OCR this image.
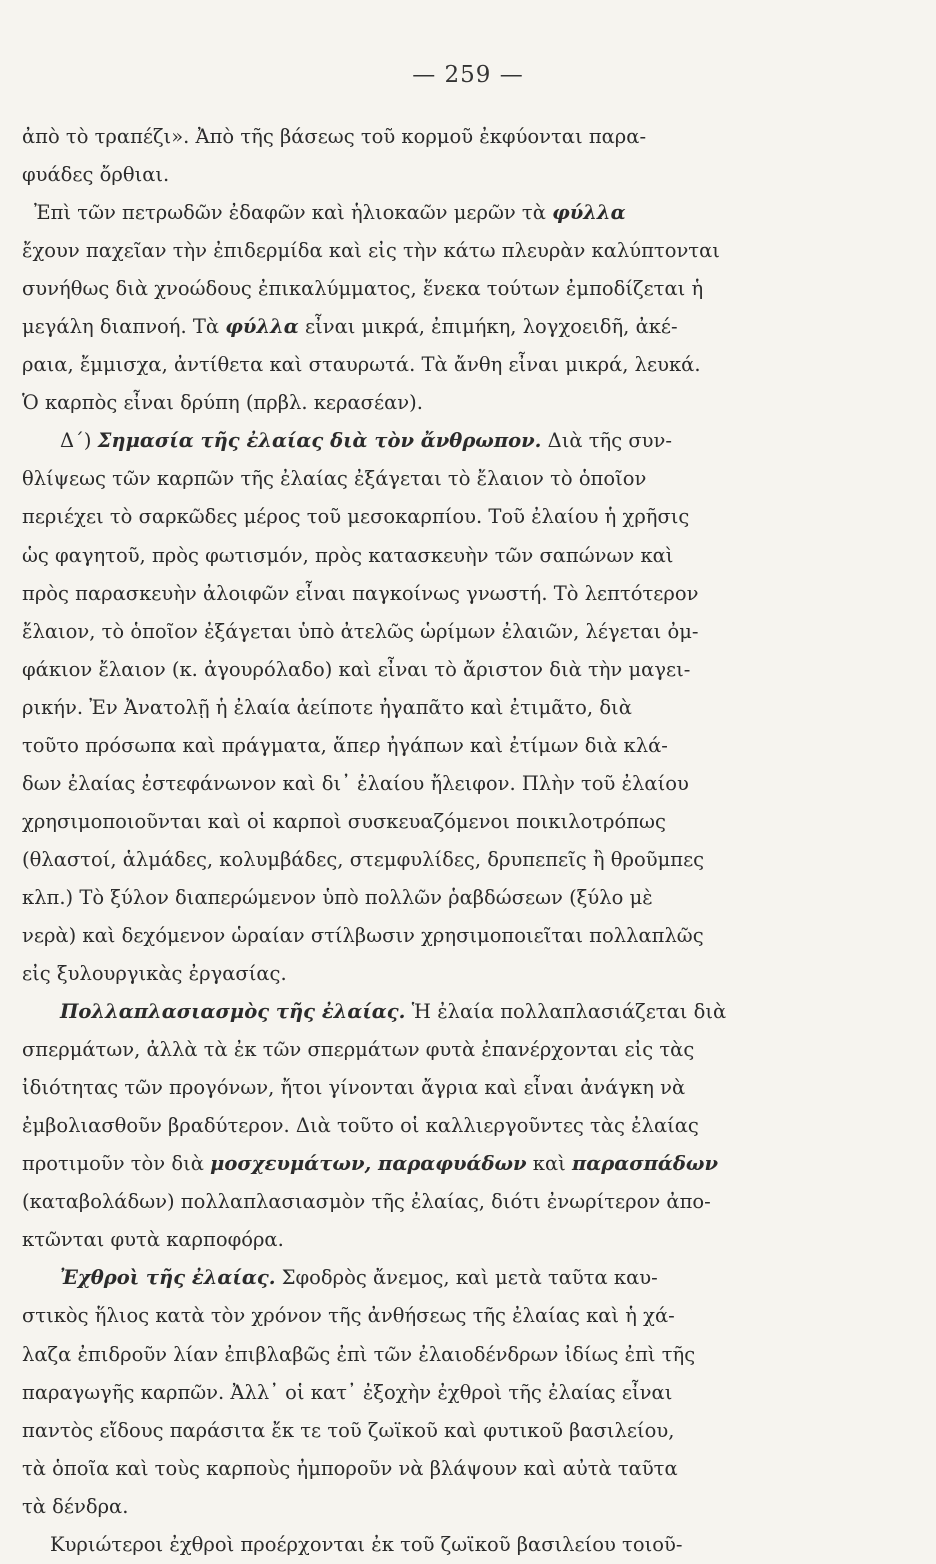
— 259 —
ἀπὸ τὸ τραπέζι». Ἀπὸ τῆς βάσεως τοῦ κορμοῦ ἐκφύονται παρα-
φυάδες ὄρθιαι.
Ἐπὶ τῶν πετρωδῶν ἐδαφῶν καὶ ἡλιοκαῶν μερῶν τὰ φύλλα
ἔχουν παχεῖαν τὴν ἐπιδερμίδα καὶ εἰς τὴν κάτω πλευρὰν καλύπτονται
συνήθως διὰ χνοώδους ἐπικαλύμματος, ἕνεκα τούτων ἐμποδίζεται ἡ
μεγάλη διαπνοή. Τὰ φύλλα εἶναι μικρά, ἐπιμήκη, λογχοειδῆ, ἀκέ-
ραια, ἔμμισχα, ἀντίθετα καὶ σταυρωτά. Τὰ ἄνθη εἶναι μικρά, λευκά.
Ὁ καρπὸς εἶναι δρύπη (πρβλ. κερασέαν).
Δ´) Σημασία τῆς ἐλαίας διὰ τὸν ἄνθρωπον. Διὰ τῆς συν-
θλίψεως τῶν καρπῶν τῆς ἐλαίας ἐξάγεται τὸ ἔλαιον τὸ ὁποῖον
περιέχει τὸ σαρκῶδες μέρος τοῦ μεσοκαρπίου. Τοῦ ἐλαίου ἡ χρῆσις
ὡς φαγητοῦ, πρὸς φωτισμόν, πρὸς κατασκευὴν τῶν σαπώνων καὶ
πρὸς παρασκευὴν ἀλοιφῶν εἶναι παγκοίνως γνωστή. Τὸ λεπτότερον
ἔλαιον, τὸ ὁποῖον ἐξάγεται ὑπὸ ἀτελῶς ὡρίμων ἐλαιῶν, λέγεται ὀμ-
φάκιον ἔλαιον (κ. ἀγουρόλαδο) καὶ εἶναι τὸ ἄριστον διὰ τὴν μαγει-
ρικήν. Ἐν Ἀνατολῇ ἡ ἐλαία ἀείποτε ἠγαπᾶτο καὶ ἐτιμᾶτο, διὰ
τοῦτο πρόσωπα καὶ πράγματα, ἅπερ ἠγάπων καὶ ἐτίμων διὰ κλά-
δων ἐλαίας ἐστεφάνωνον καὶ δι᾿ ἐλαίου ἤλειφον. Πλὴν τοῦ ἐλαίου
χρησιμοποιοῦνται καὶ οἱ καρποὶ συσκευαζόμενοι ποικιλοτρόπως
(θλαστοί, ἁλμάδες, κολυμβάδες, στεμφυλίδες, δρυπεπεῖς ἢ θροῦμπες
κλπ.) Τὸ ξύλον διαπερώμενον ὑπὸ πολλῶν ῥαβδώσεων (ξύλο μὲ
νερὰ) καὶ δεχόμενον ὡραίαν στίλβωσιν χρησιμοποιεῖται πολλαπλῶς
εἰς ξυλουργικὰς ἐργασίας.
Πολλαπλασιασμὸς τῆς ἐλαίας. Ἡ ἐλαία πολλαπλασιάζεται διὰ
σπερμάτων, ἀλλὰ τὰ ἐκ τῶν σπερμάτων φυτὰ ἐπανέρχονται εἰς τὰς
ἰδιότητας τῶν προγόνων, ἤτοι γίνονται ἄγρια καὶ εἶναι ἀνάγκη νὰ
ἐμβολιασθοῦν βραδύτερον. Διὰ τοῦτο οἱ καλλιεργοῦντες τὰς ἐλαίας
προτιμοῦν τὸν διὰ μοσχευμάτων, παραφυάδων καὶ παρασπάδων
(καταβολάδων) πολλαπλασιασμὸν τῆς ἐλαίας, διότι ἐνωρίτερον ἀπο-
κτῶνται φυτὰ καρποφόρα.
Ἐχθροὶ τῆς ἐλαίας. Σφοδρὸς ἄνεμος, καὶ μετὰ ταῦτα καυ-
στικὸς ἥλιος κατὰ τὸν χρόνον τῆς ἀνθήσεως τῆς ἐλαίας καὶ ἡ χά-
λαζα ἐπιδροῦν λίαν ἐπιβλαβῶς ἐπὶ τῶν ἐλαιοδένδρων ἰδίως ἐπὶ τῆς
παραγωγῆς καρπῶν. Ἀλλ᾿ οἱ κατ᾿ ἐξοχὴν ἐχθροὶ τῆς ἐλαίας εἶναι
παντὸς εἴδους παράσιτα ἔκ τε τοῦ ζωϊκοῦ καὶ φυτικοῦ βασιλείου,
τὰ ὁποῖα καὶ τοὺς καρποὺς ἠμποροῦν νὰ βλάψουν καὶ αὐτὰ ταῦτα
τὰ δένδρα.
Κυριώτεροι ἐχθροὶ προέρχονται ἐκ τοῦ ζωϊκοῦ βασιλείου τοιοῦ-
